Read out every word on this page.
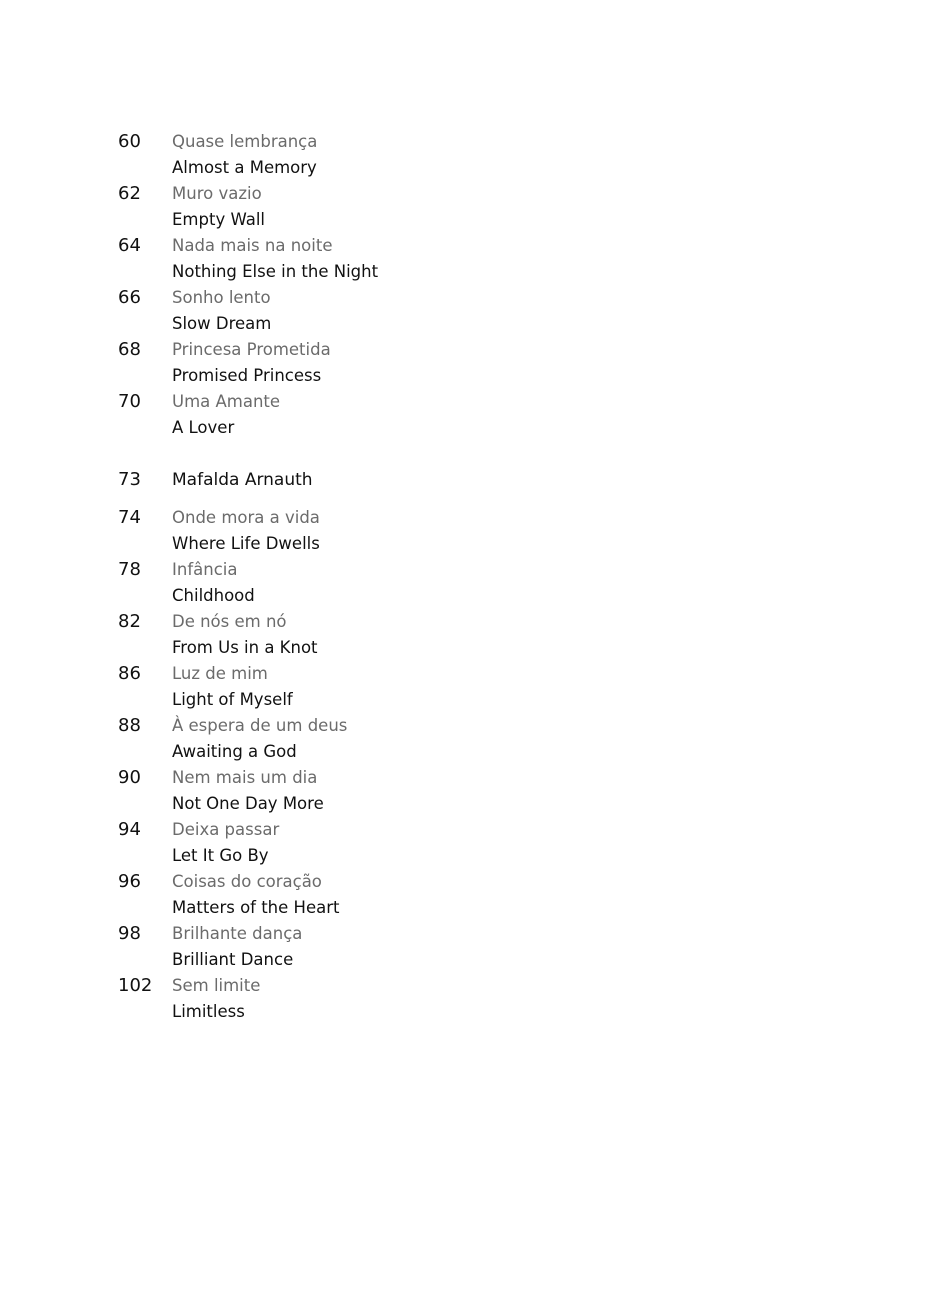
60	Quase lembrança
Almost a Memory
62	Muro vazio
Empty Wall
64	Nada mais na noite
Nothing Else in the Night
66	Sonho lento
Slow Dream
68	Princesa Prometida
Promised Princess
70	Uma Amante
A Lover
73	Mafalda Arnauth
74	Onde mora a vida
Where Life Dwells
78	Infância
Childhood
82	De nós em nó
From Us in a Knot
86	Luz de mim
Light of Myself
88	À espera de um deus
Awaiting a God
90	Nem mais um dia
Not One Day More
94	Deixa passar
Let It Go By
96	Coisas do coração
Matters of the Heart
98	Brilhante dança
Brilliant Dance
102	Sem limite
Limitless
